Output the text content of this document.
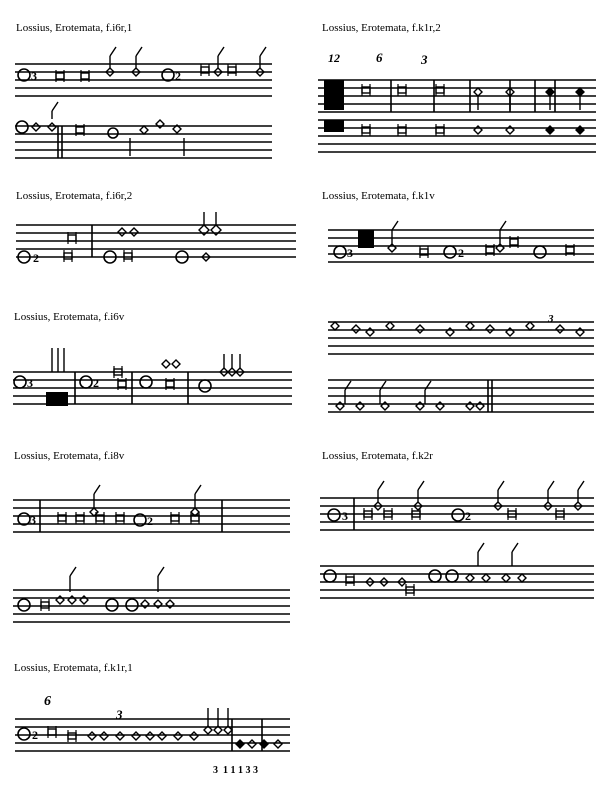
Lossius, Erotemata, f.i6r,1	Lossius, Erotemata, f.k1r,2
Lossius, Erotemata, f.i6r,2	Lossius, Erotemata, f.k1v
Lossius, Erotemata, f.i6v
Lossius, Erotemata, f.i8v	Lossius, Erotemata, f.k2r
Lossius, Erotemata, f.k1r,1
3	2
2	3	2
3	2
3	2	3	2
2
12	6	3
3
6
3
3  1 1 1 3 3
